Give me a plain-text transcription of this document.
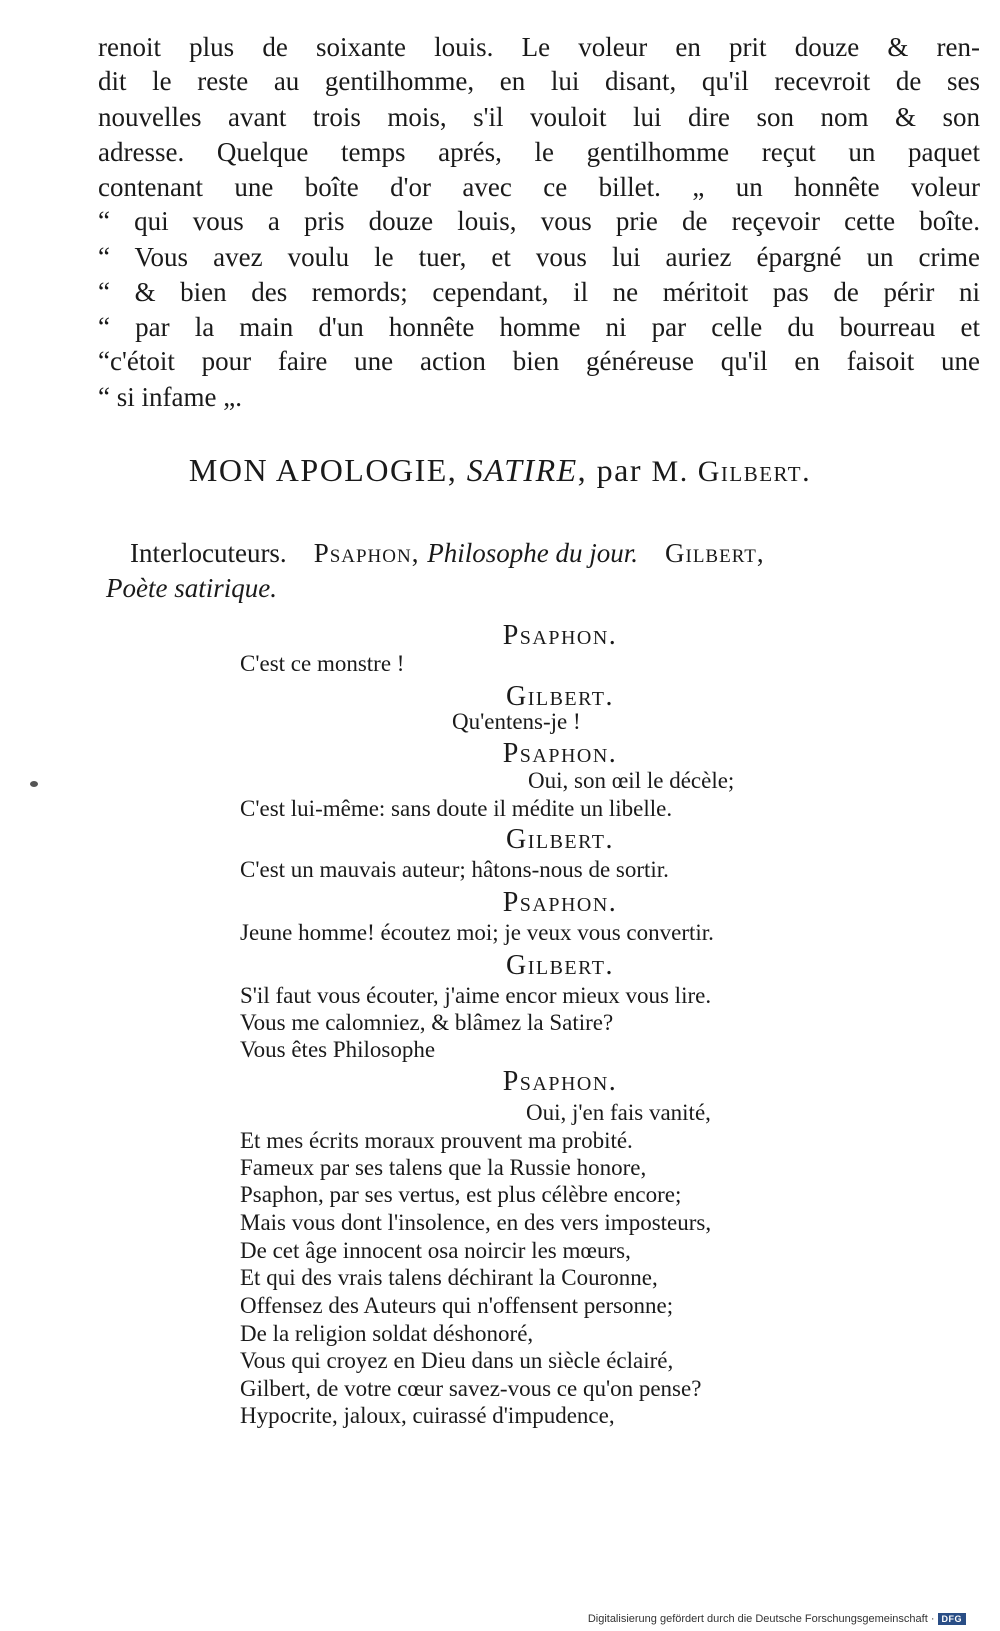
renoit plus de soixante louis. Le voleur en prit douze & ren-
dit le reste au gentilhomme, en lui disant, qu'il recevroit de ses
nouvelles avant trois mois, s'il vouloit lui dire son nom & son
adresse. Quelque temps aprés, le gentilhomme reçut un paquet
contenant une boîte d'or avec ce billet. „ un honnête voleur
“ qui vous a pris douze louis, vous prie de reçevoir cette boîte.
“ Vous avez voulu le tuer, et vous lui auriez épargné un crime
“ & bien des remords; cependant, il ne méritoit pas de périr ni
“ par la main d'un honnête homme ni par celle du bourreau et
“c'étoit pour faire une action bien généreuse qu'il en faisoit une
“ si infame „.
MON APOLOGIE, SATIRE, par M. Gilbert.
Interlocuteurs. Psaphon, Philosophe du jour. Gilbert,
Poète satirique.
Psaphon.
C'est ce monstre !
Gilbert.
Qu'entens-je !
Psaphon.
Oui, son œil le décèle;
C'est lui-même: sans doute il médite un libelle.
Gilbert.
C'est un mauvais auteur; hâtons-nous de sortir.
Psaphon.
Jeune homme! écoutez moi; je veux vous convertir.
Gilbert.
S'il faut vous écouter, j'aime encor mieux vous lire.
Vous me calomniez, & blâmez la Satire?
Vous êtes Philosophe
Psaphon.
Oui, j'en fais vanité,
Et mes écrits moraux prouvent ma probité.
Fameux par ses talens que la Russie honore,
Psaphon, par ses vertus, est plus célèbre encore;
Mais vous dont l'insolence, en des vers imposteurs,
De cet âge innocent osa noircir les mœurs,
Et qui des vrais talens déchirant la Couronne,
Offensez des Auteurs qui n'offensent personne;
De la religion soldat déshonoré,
Vous qui croyez en Dieu dans un siècle éclairé,
Gilbert, de votre cœur savez-vous ce qu'on pense?
Hypocrite, jaloux, cuirassé d'impudence,
Digitalisierung gefördert durch die Deutsche Forschungsgemeinschaft · DFG
